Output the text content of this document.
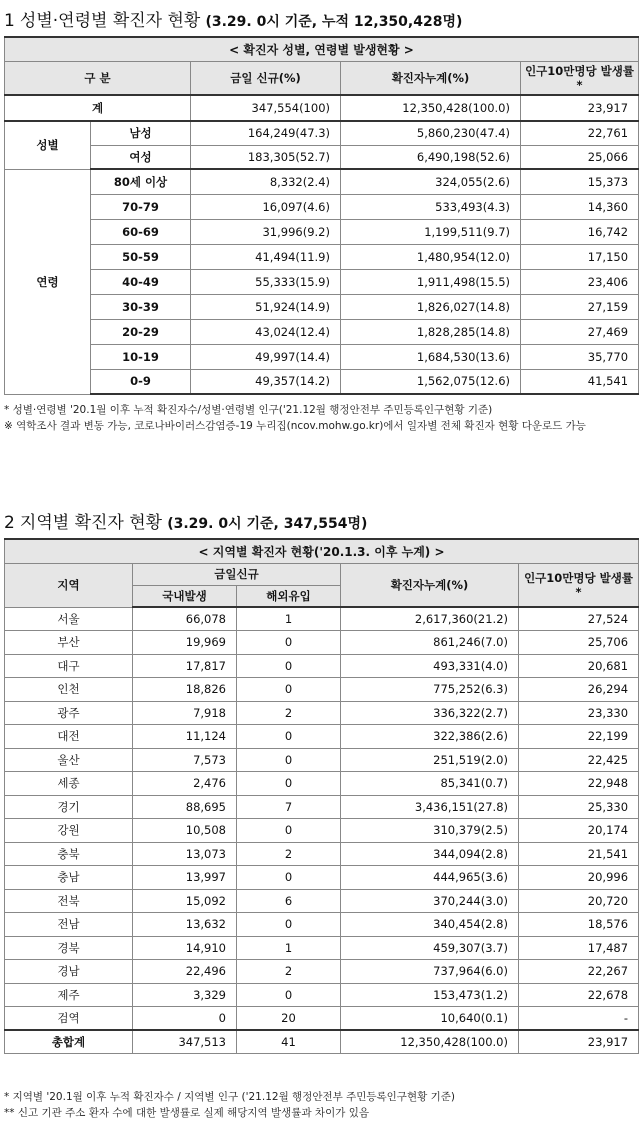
1 성별·연령별 확진자 현황 (3.29. 0시 기준, 누적 12,350,428명)
< 확진자 성별, 연령별 발생현황 >				
구 분		금일 신규(%)	확진자누계(%)	인구10만명당 발생률*
계		347,554(100)	12,350,428(100.0)	23,917
성별	남성	164,249(47.3)	5,860,230(47.4)	22,761
	여성	183,305(52.7)	6,490,198(52.6)	25,066
연령	80세 이상	8,332(2.4)	324,055(2.6)	15,373
	70-79	16,097(4.6)	533,493(4.3)	14,360
	60-69	31,996(9.2)	1,199,511(9.7)	16,742
	50-59	41,494(11.9)	1,480,954(12.0)	17,150
	40-49	55,333(15.9)	1,911,498(15.5)	23,406
	30-39	51,924(14.9)	1,826,027(14.8)	27,159
	20-29	43,024(12.4)	1,828,285(14.8)	27,469
	10-19	49,997(14.4)	1,684,530(13.6)	35,770
	0-9	49,357(14.2)	1,562,075(12.6)	41,541
* 성별·연령별 '20.1월 이후 누적 확진자수/성별·연령별 인구('21.12월 행정안전부 주민등록인구현황 기준)
※ 역학조사 결과 변동 가능, 코로나바이러스감염증-19 누리집(ncov.mohw.go.kr)에서 일자별 전체 확진자 현황 다운로드 가능
2 지역별 확진자 현황 (3.29. 0시 기준, 347,554명)
< 지역별 확진자 현황('20.1.3. 이후 누계) >				
지역	금일신규		확진자누계(%)	인구10만명당 발생률*
	국내발생	해외유입		
서울	66,078	1	2,617,360(21.2)	27,524
부산	19,969	0	861,246(7.0)	25,706
대구	17,817	0	493,331(4.0)	20,681
인천	18,826	0	775,252(6.3)	26,294
광주	7,918	2	336,322(2.7)	23,330
대전	11,124	0	322,386(2.6)	22,199
울산	7,573	0	251,519(2.0)	22,425
세종	2,476	0	85,341(0.7)	22,948
경기	88,695	7	3,436,151(27.8)	25,330
강원	10,508	0	310,379(2.5)	20,174
충북	13,073	2	344,094(2.8)	21,541
충남	13,997	0	444,965(3.6)	20,996
전북	15,092	6	370,244(3.0)	20,720
전남	13,632	0	340,454(2.8)	18,576
경북	14,910	1	459,307(3.7)	17,487
경남	22,496	2	737,964(6.0)	22,267
제주	3,329	0	153,473(1.2)	22,678
검역	0	20	10,640(0.1)	-
총합계	347,513	41	12,350,428(100.0)	23,917
* 지역별 '20.1월 이후 누적 확진자수 / 지역별 인구 ('21.12월 행정안전부 주민등록인구현황 기준)
** 신고 기관 주소 환자 수에 대한 발생률로 실제 해당지역 발생률과 차이가 있음
